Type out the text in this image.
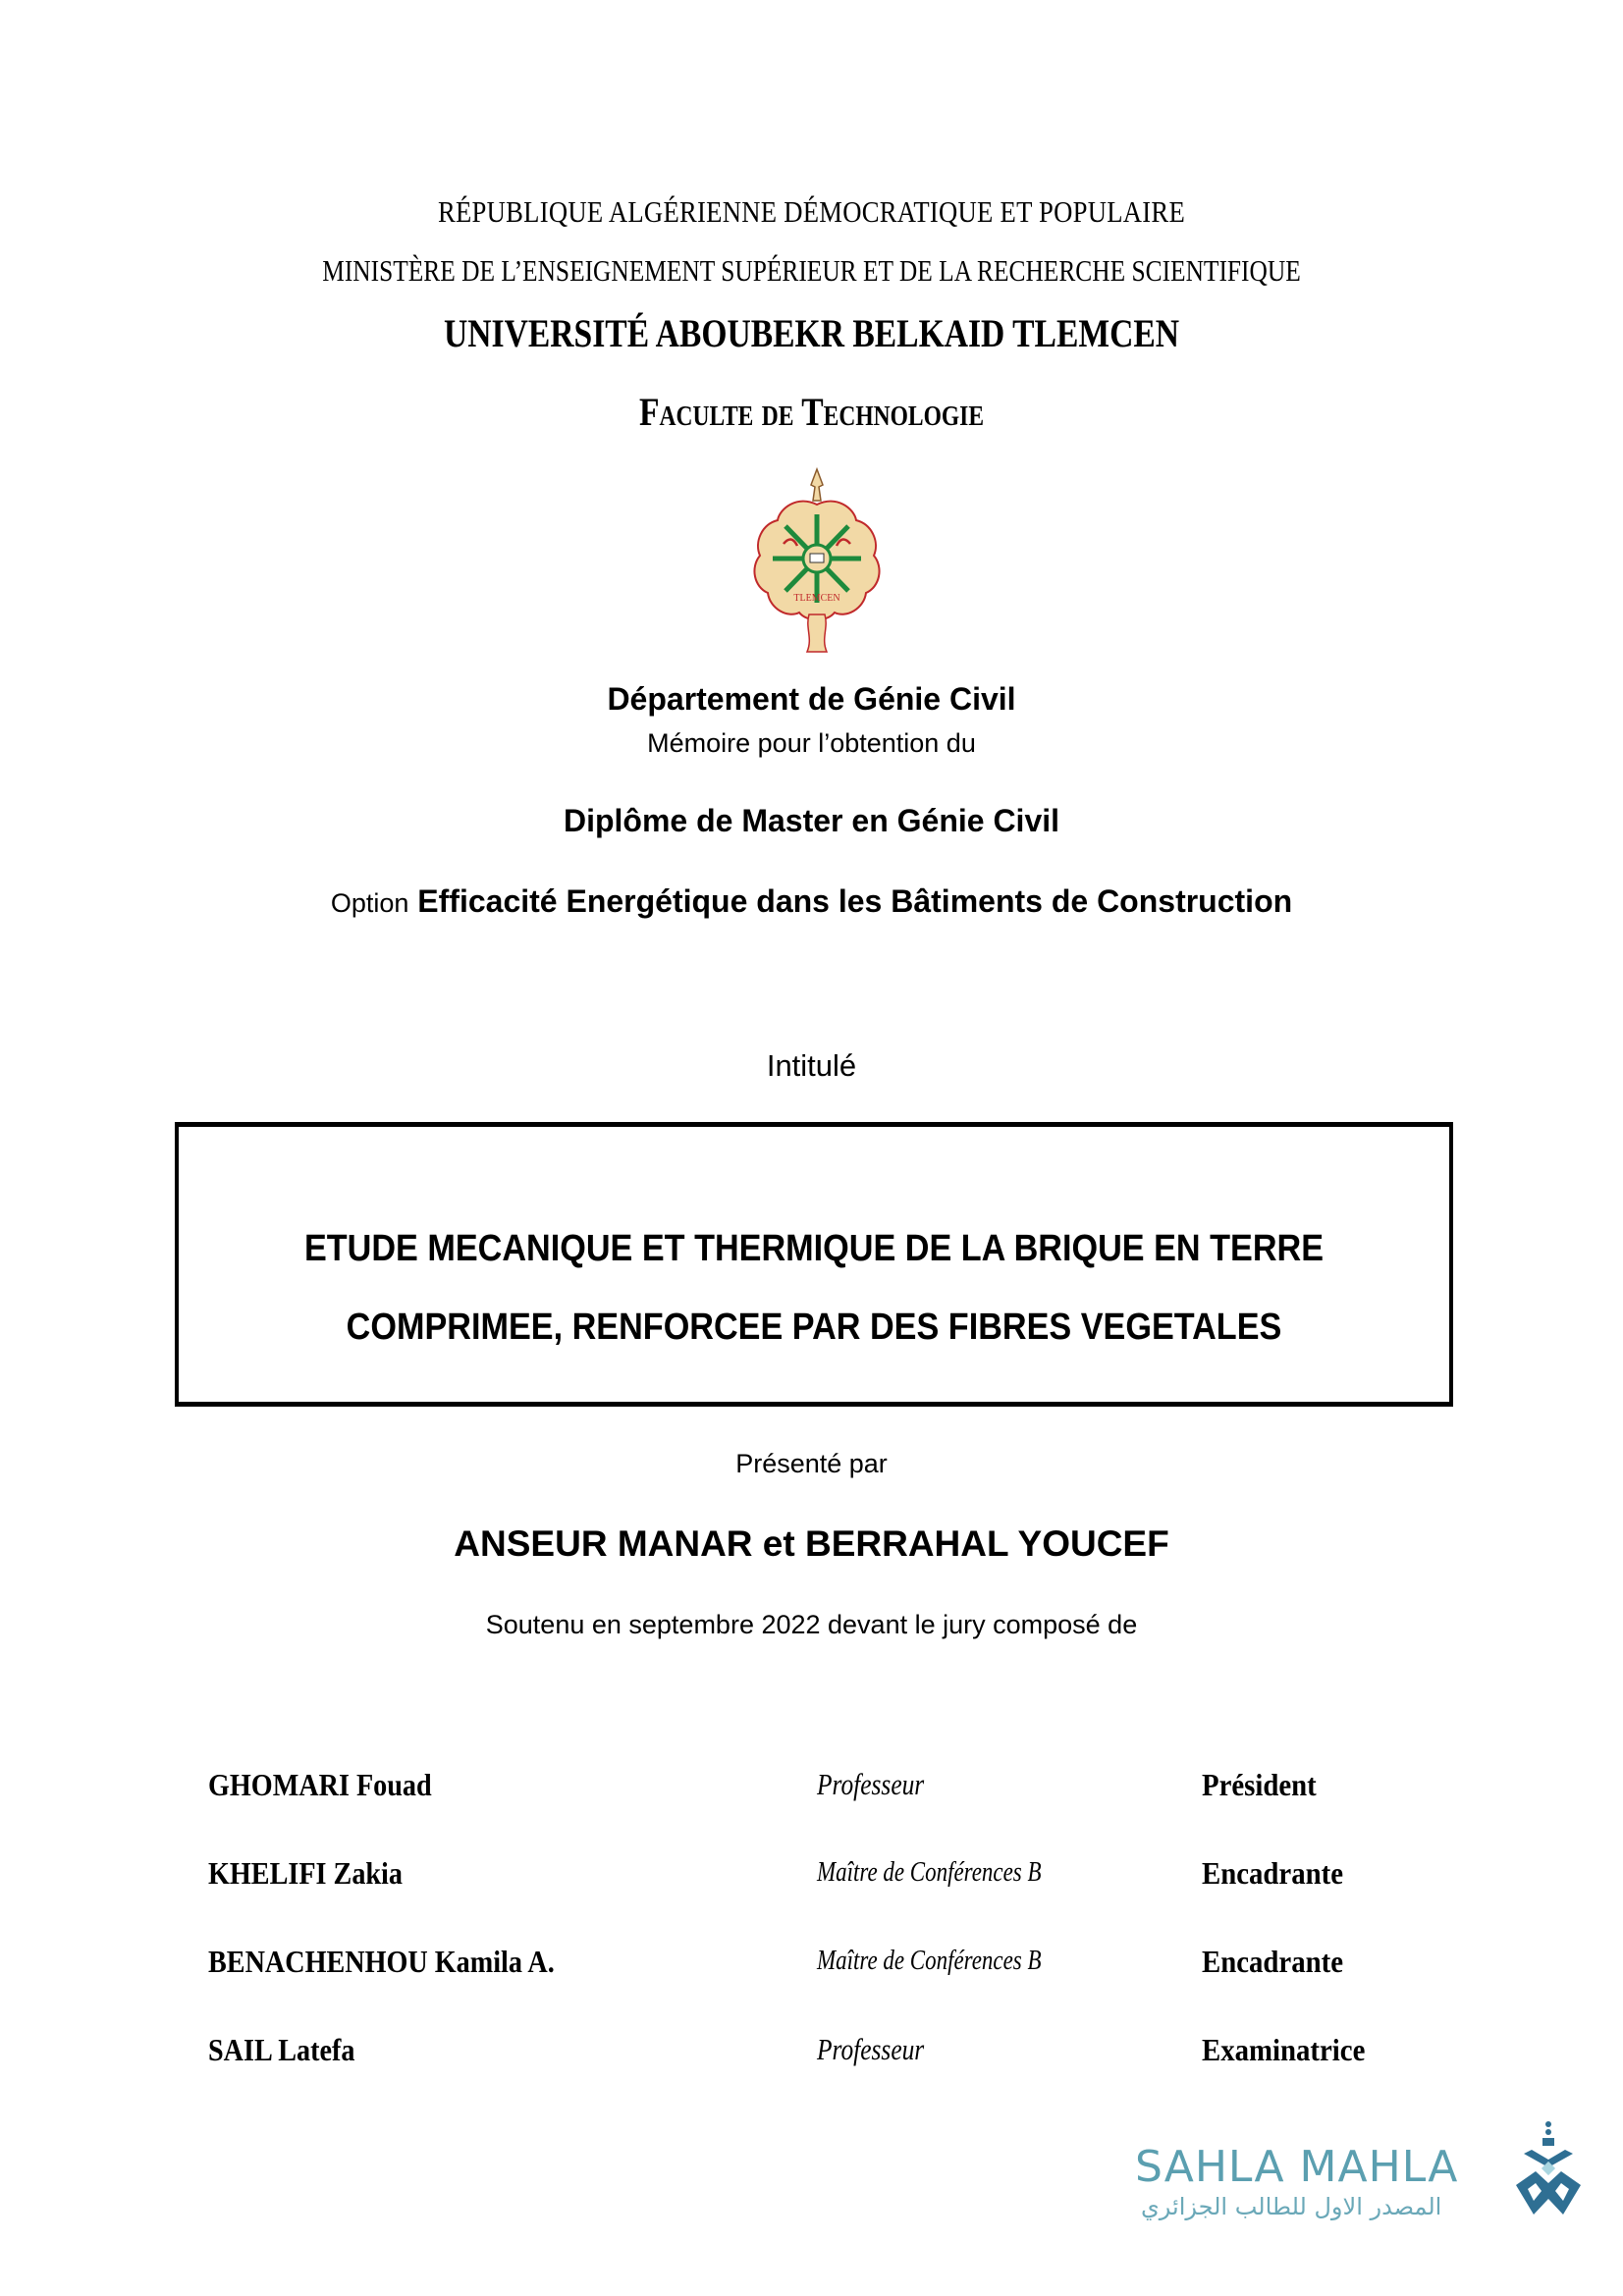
RÉPUBLIQUE ALGÉRIENNE DÉMOCRATIQUE ET POPULAIRE
MINISTÈRE DE L’ENSEIGNEMENT SUPÉRIEUR ET DE LA RECHERCHE SCIENTIFIQUE
UNIVERSITÉ ABOUBEKR BELKAID TLEMCEN
Faculte de Technologie
TLEMCEN
Département de Génie Civil
Mémoire pour l’obtention du
Diplôme de Master en Génie Civil
Option Efficacité Energétique dans les Bâtiments de Construction
Intitulé
ETUDE MECANIQUE ET THERMIQUE DE LA BRIQUE EN TERRE
COMPRIMEE, RENFORCEE PAR DES FIBRES VEGETALES
Présenté par
ANSEUR MANAR et BERRAHAL YOUCEF
Soutenu en septembre 2022 devant le jury composé de
GHOMARI Fouad	Professeur	Président
KHELIFI Zakia	Maître de Conférences B	Encadrante
BENACHENHOU Kamila A.	Maître de Conférences B	Encadrante
SAIL Latefa	Professeur	Examinatrice
SAHLA MAHLA
المصدر الاول للطالب الجزائري
